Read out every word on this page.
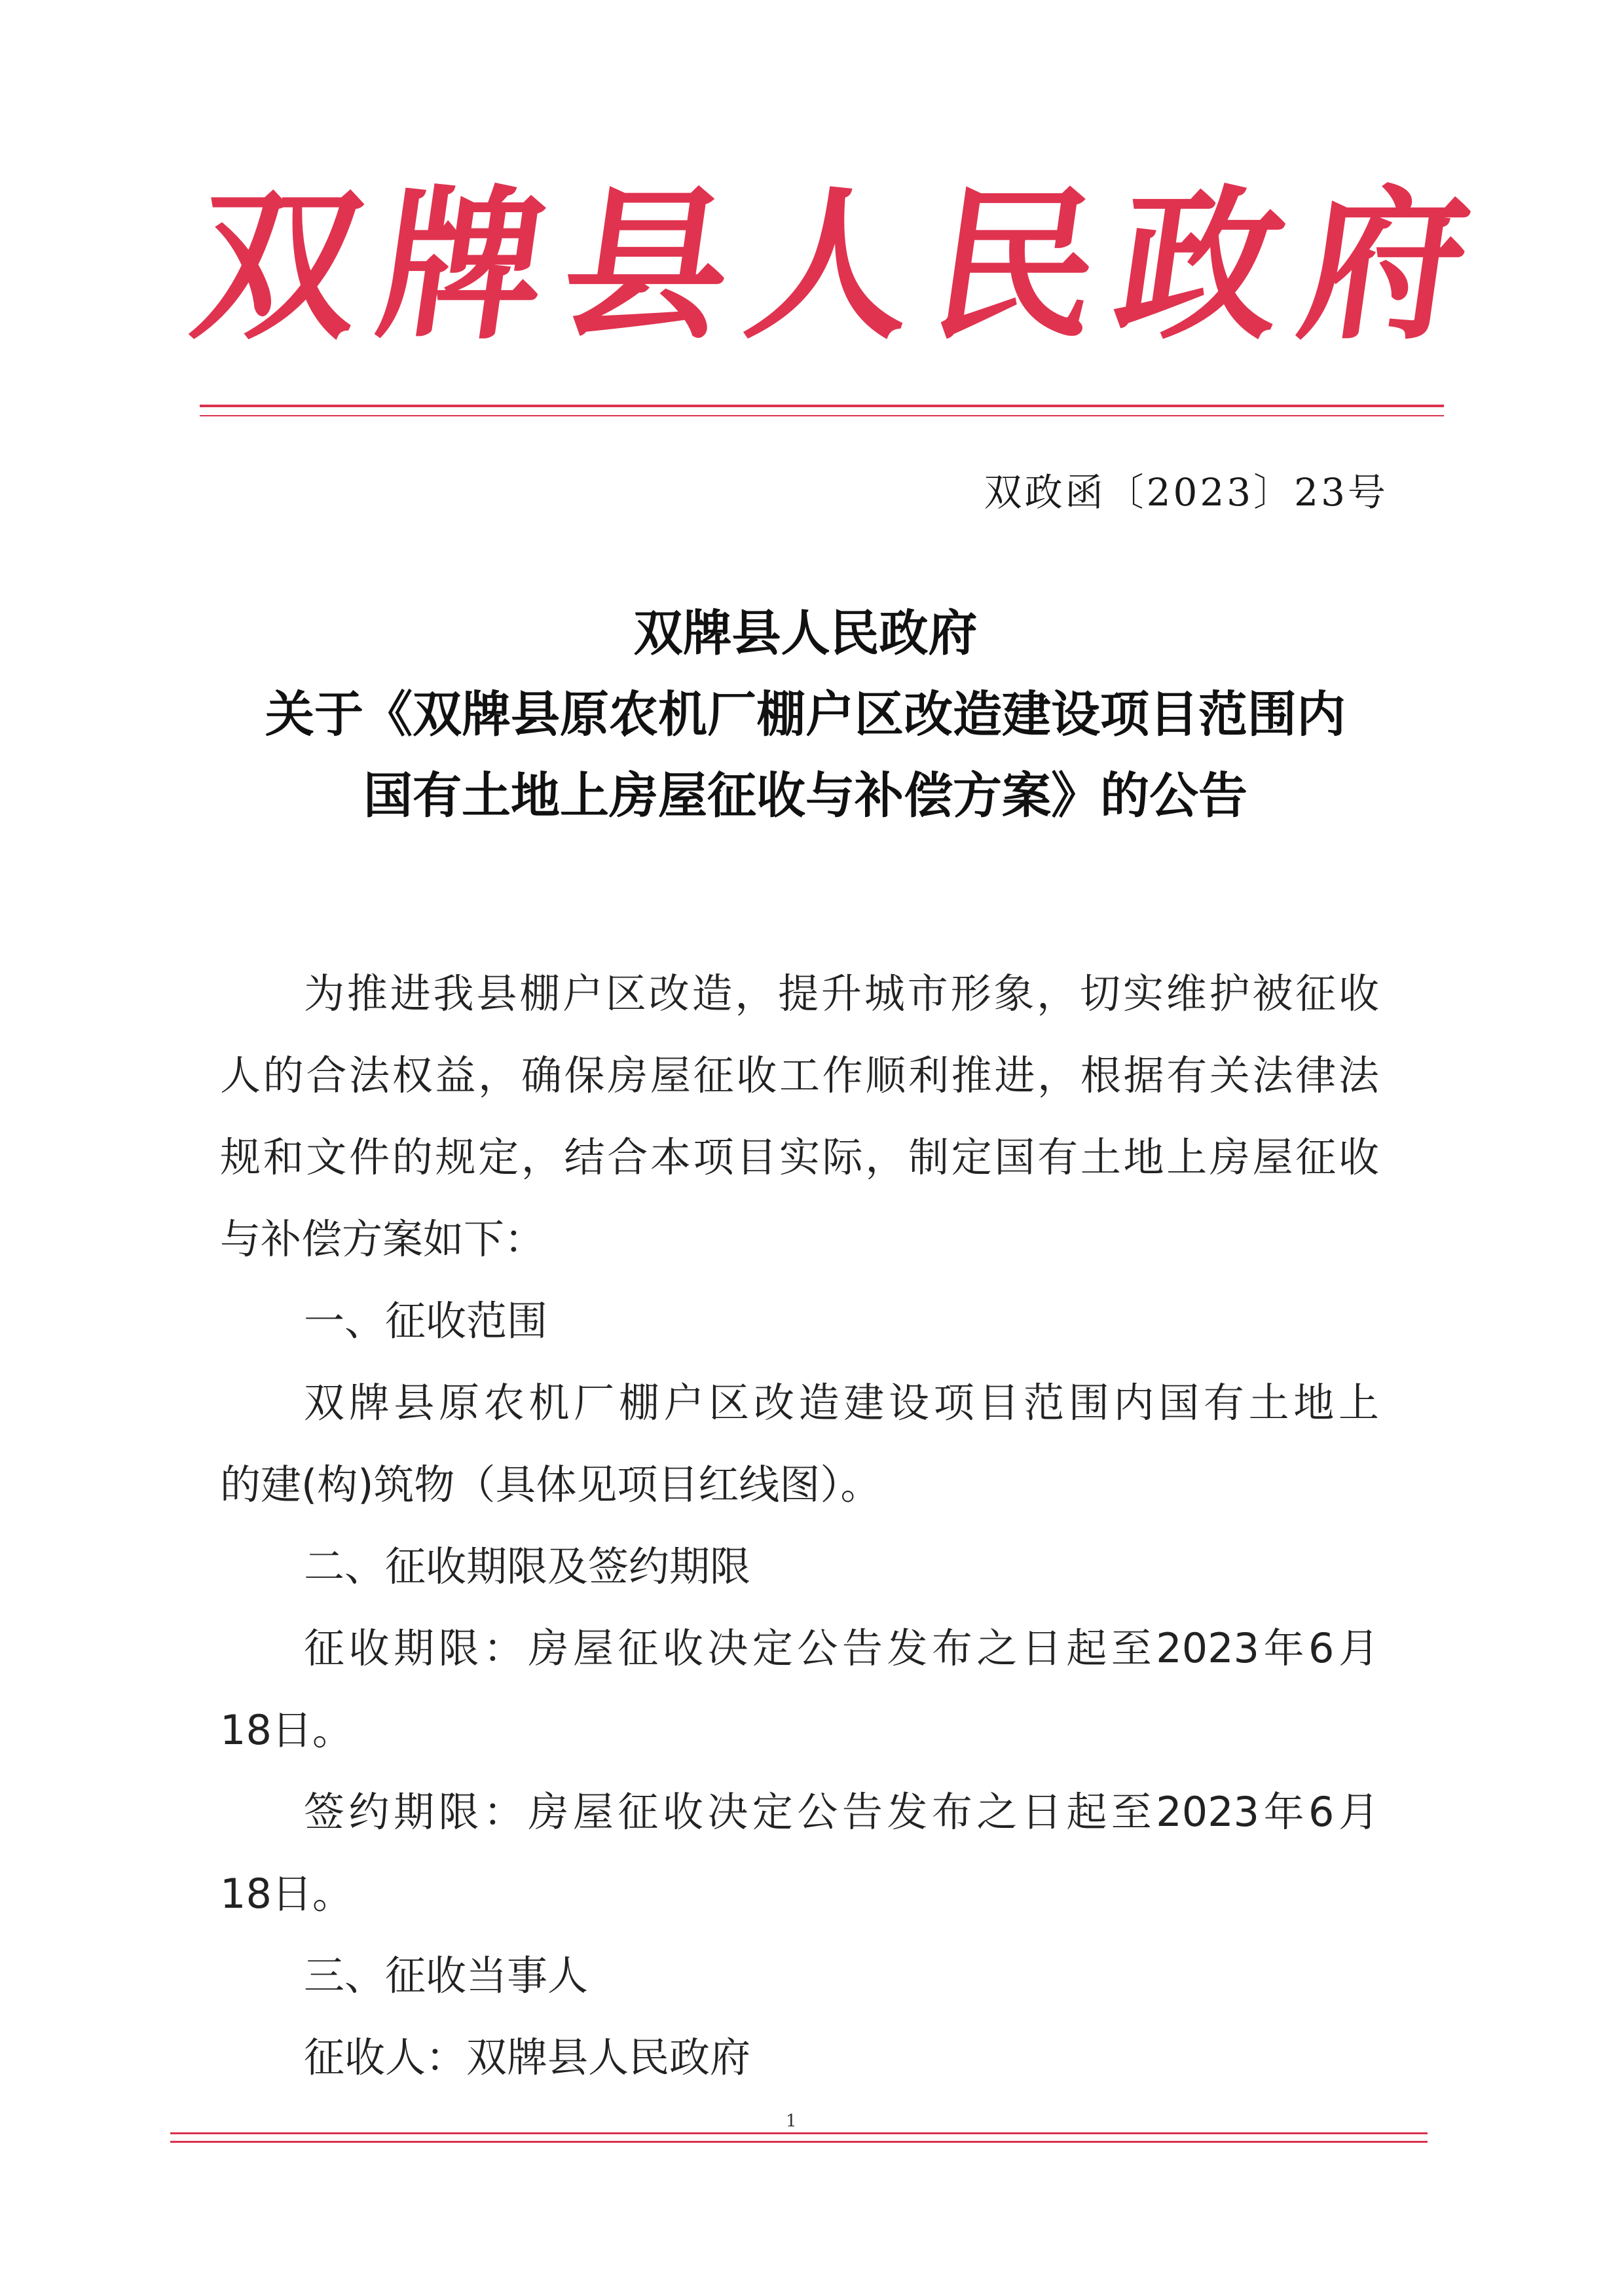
双
牌
县
人
民
政
府
双政函〔2023〕23号
双牌县人民政府
关于《双牌县原农机厂棚户区改造建设项目范围内
国有土地上房屋征收与补偿方案》的公告
为推进我县棚户区改造，提升城市形象，切实维护被征收
人的合法权益，确保房屋征收工作顺利推进，根据有关法律法
规和文件的规定，结合本项目实际，制定国有土地上房屋征收
与补偿方案如下：
一、征收范围
双牌县原农机厂棚户区改造建设项目范围内国有土地上
的建(构)筑物（具体见项目红线图）。
二、征收期限及签约期限
征收期限：房屋征收决定公告发布之日起至2023年6月
18日。
签约期限：房屋征收决定公告发布之日起至2023年6月
18日。
三、征收当事人
征收人：双牌县人民政府
1
